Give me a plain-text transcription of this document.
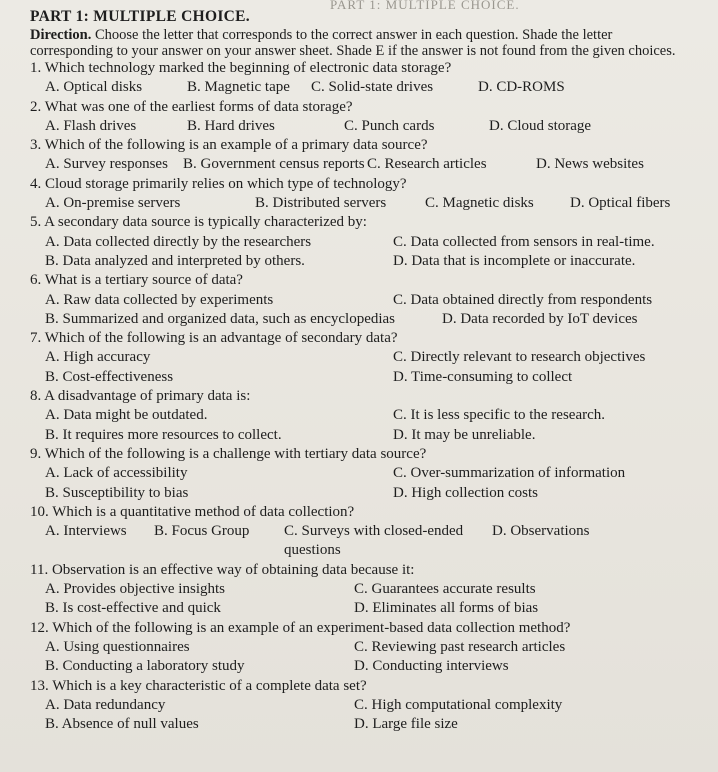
PART 1: MULTIPLE CHOICE.
PART 1: MULTIPLE CHOICE.
Direction. Choose the letter that corresponds to the correct answer in each question. Shade the letter corresponding to your answer on your answer sheet. Shade E if the answer is not found from the given choices.
1. Which technology marked the beginning of electronic data storage?
A. Optical disks	B. Magnetic tape	C. Solid-state drives	D. CD-ROMS
2. What was one of the earliest forms of data storage?
A. Flash drives	B. Hard drives	C. Punch cards	D. Cloud storage
3. Which of the following is an example of a primary data source?
A. Survey responses	B. Government census reports C. Research articles	D. News websites
4. Cloud storage primarily relies on which type of technology?
A. On-premise servers	B. Distributed servers	C. Magnetic disks	D. Optical fibers
5. A secondary data source is typically characterized by:
A. Data collected directly by the researchers	C. Data collected from sensors in real-time.
B. Data analyzed and interpreted by others.	D. Data that is incomplete or inaccurate.
6. What is a tertiary source of data?
A. Raw data collected by experiments	C. Data obtained directly from respondents
B. Summarized and organized data, such as encyclopedias	D. Data recorded by IoT devices
7. Which of the following is an advantage of secondary data?
A. High accuracy	C. Directly relevant to research objectives
B. Cost-effectiveness	D. Time-consuming to collect
8. A disadvantage of primary data is:
A. Data might be outdated.	C. It is less specific to the research.
B. It requires more resources to collect.	D. It may be unreliable.
9. Which of the following is a challenge with tertiary data source?
A. Lack of accessibility	C. Over-summarization of information
B. Susceptibility to bias	D. High collection costs
10. Which is a quantitative method of data collection?
A. Interviews	B. Focus Group	C. Surveys with closed-ended questions
D. Observations
11. Observation is an effective way of obtaining data because it:
A. Provides objective insights	C. Guarantees accurate results
B. Is cost-effective and quick	D. Eliminates all forms of bias
12. Which of the following is an example of an experiment-based data collection method?
A. Using questionnaires	C. Reviewing past research articles
B. Conducting a laboratory study	D. Conducting interviews
13. Which is a key characteristic of a complete data set?
A. Data redundancy	C. High computational complexity
B. Absence of null values	D. Large file size
